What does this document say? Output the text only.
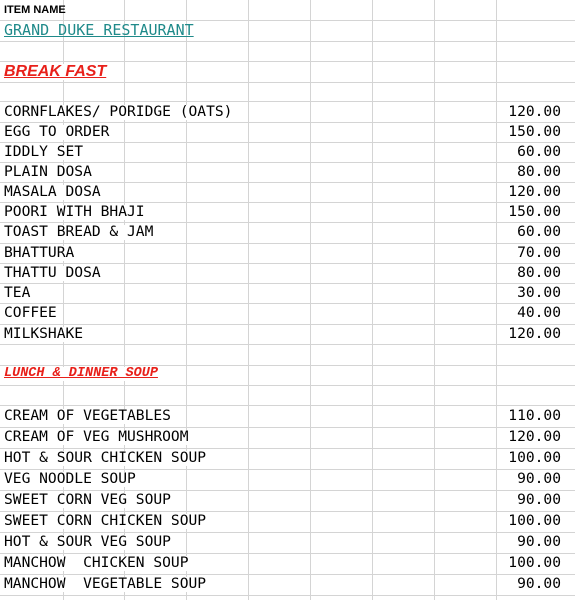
ITEM NAME
GRAND DUKE RESTAURANT
BREAK FAST
CORNFLAKES/ PORIDGE (OATS)	120.00
EGG TO ORDER	150.00
IDDLY SET	60.00
PLAIN DOSA	80.00
MASALA DOSA	120.00
POORI WITH BHAJI	150.00
TOAST BREAD & JAM	60.00
BHATTURA	70.00
THATTU DOSA	80.00
TEA	30.00
COFFEE	40.00
MILKSHAKE	120.00
LUNCH & DINNER SOUP
CREAM OF VEGETABLES	110.00
CREAM OF VEG MUSHROOM	120.00
HOT & SOUR CHICKEN SOUP	100.00
VEG NOODLE SOUP	90.00
SWEET CORN VEG SOUP	90.00
SWEET CORN CHICKEN SOUP	100.00
HOT & SOUR VEG SOUP	90.00
MANCHOW  CHICKEN SOUP	100.00
MANCHOW  VEGETABLE SOUP	90.00
